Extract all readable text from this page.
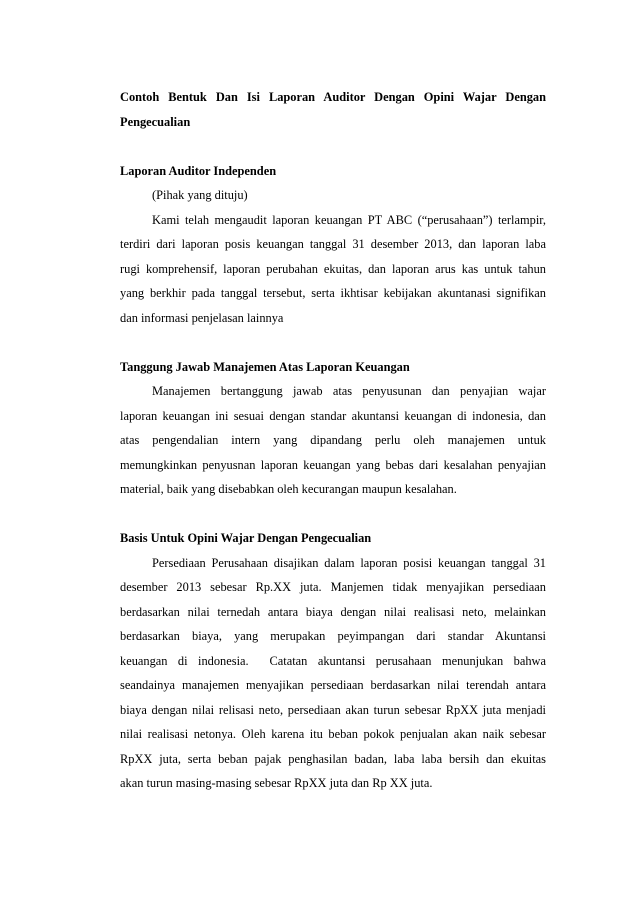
Contoh Bentuk Dan Isi Laporan Auditor Dengan Opini Wajar Dengan
Pengecualian
Laporan Auditor Independen
(Pihak yang dituju)
Kami telah mengaudit laporan keuangan PT ABC (“perusahaan”) terlampir,
terdiri dari laporan posis keuangan tanggal 31 desember 2013, dan laporan laba
rugi komprehensif, laporan perubahan ekuitas, dan laporan arus kas untuk tahun
yang berkhir pada tanggal tersebut, serta ikhtisar kebijakan akuntanasi signifikan
dan informasi penjelasan lainnya
Tanggung Jawab Manajemen Atas Laporan Keuangan
Manajemen bertanggung jawab atas penyusunan dan penyajian wajar
laporan keuangan ini sesuai dengan standar akuntansi keuangan di indonesia, dan
atas pengendalian intern yang dipandang perlu oleh manajemen untuk
memungkinkan penyusnan laporan keuangan yang bebas dari kesalahan penyajian
material, baik yang disebabkan oleh kecurangan maupun kesalahan.
Basis Untuk Opini Wajar Dengan Pengecualian
Persediaan Perusahaan disajikan dalam laporan posisi keuangan tanggal 31
desember 2013 sebesar Rp.XX juta. Manjemen tidak menyajikan persediaan
berdasarkan nilai ternedah antara biaya dengan nilai realisasi neto, melainkan
berdasarkan biaya, yang merupakan peyimpangan dari standar Akuntansi
keuangan di indonesia.  Catatan akuntansi perusahaan menunjukan bahwa
seandainya manajemen menyajikan persediaan berdasarkan nilai terendah antara
biaya dengan nilai relisasi neto, persediaan akan turun sebesar RpXX juta menjadi
nilai realisasi netonya. Oleh karena itu beban pokok penjualan akan naik sebesar
RpXX juta, serta beban pajak penghasilan badan, laba laba bersih dan ekuitas
akan turun masing-masing sebesar RpXX juta dan Rp XX juta.
